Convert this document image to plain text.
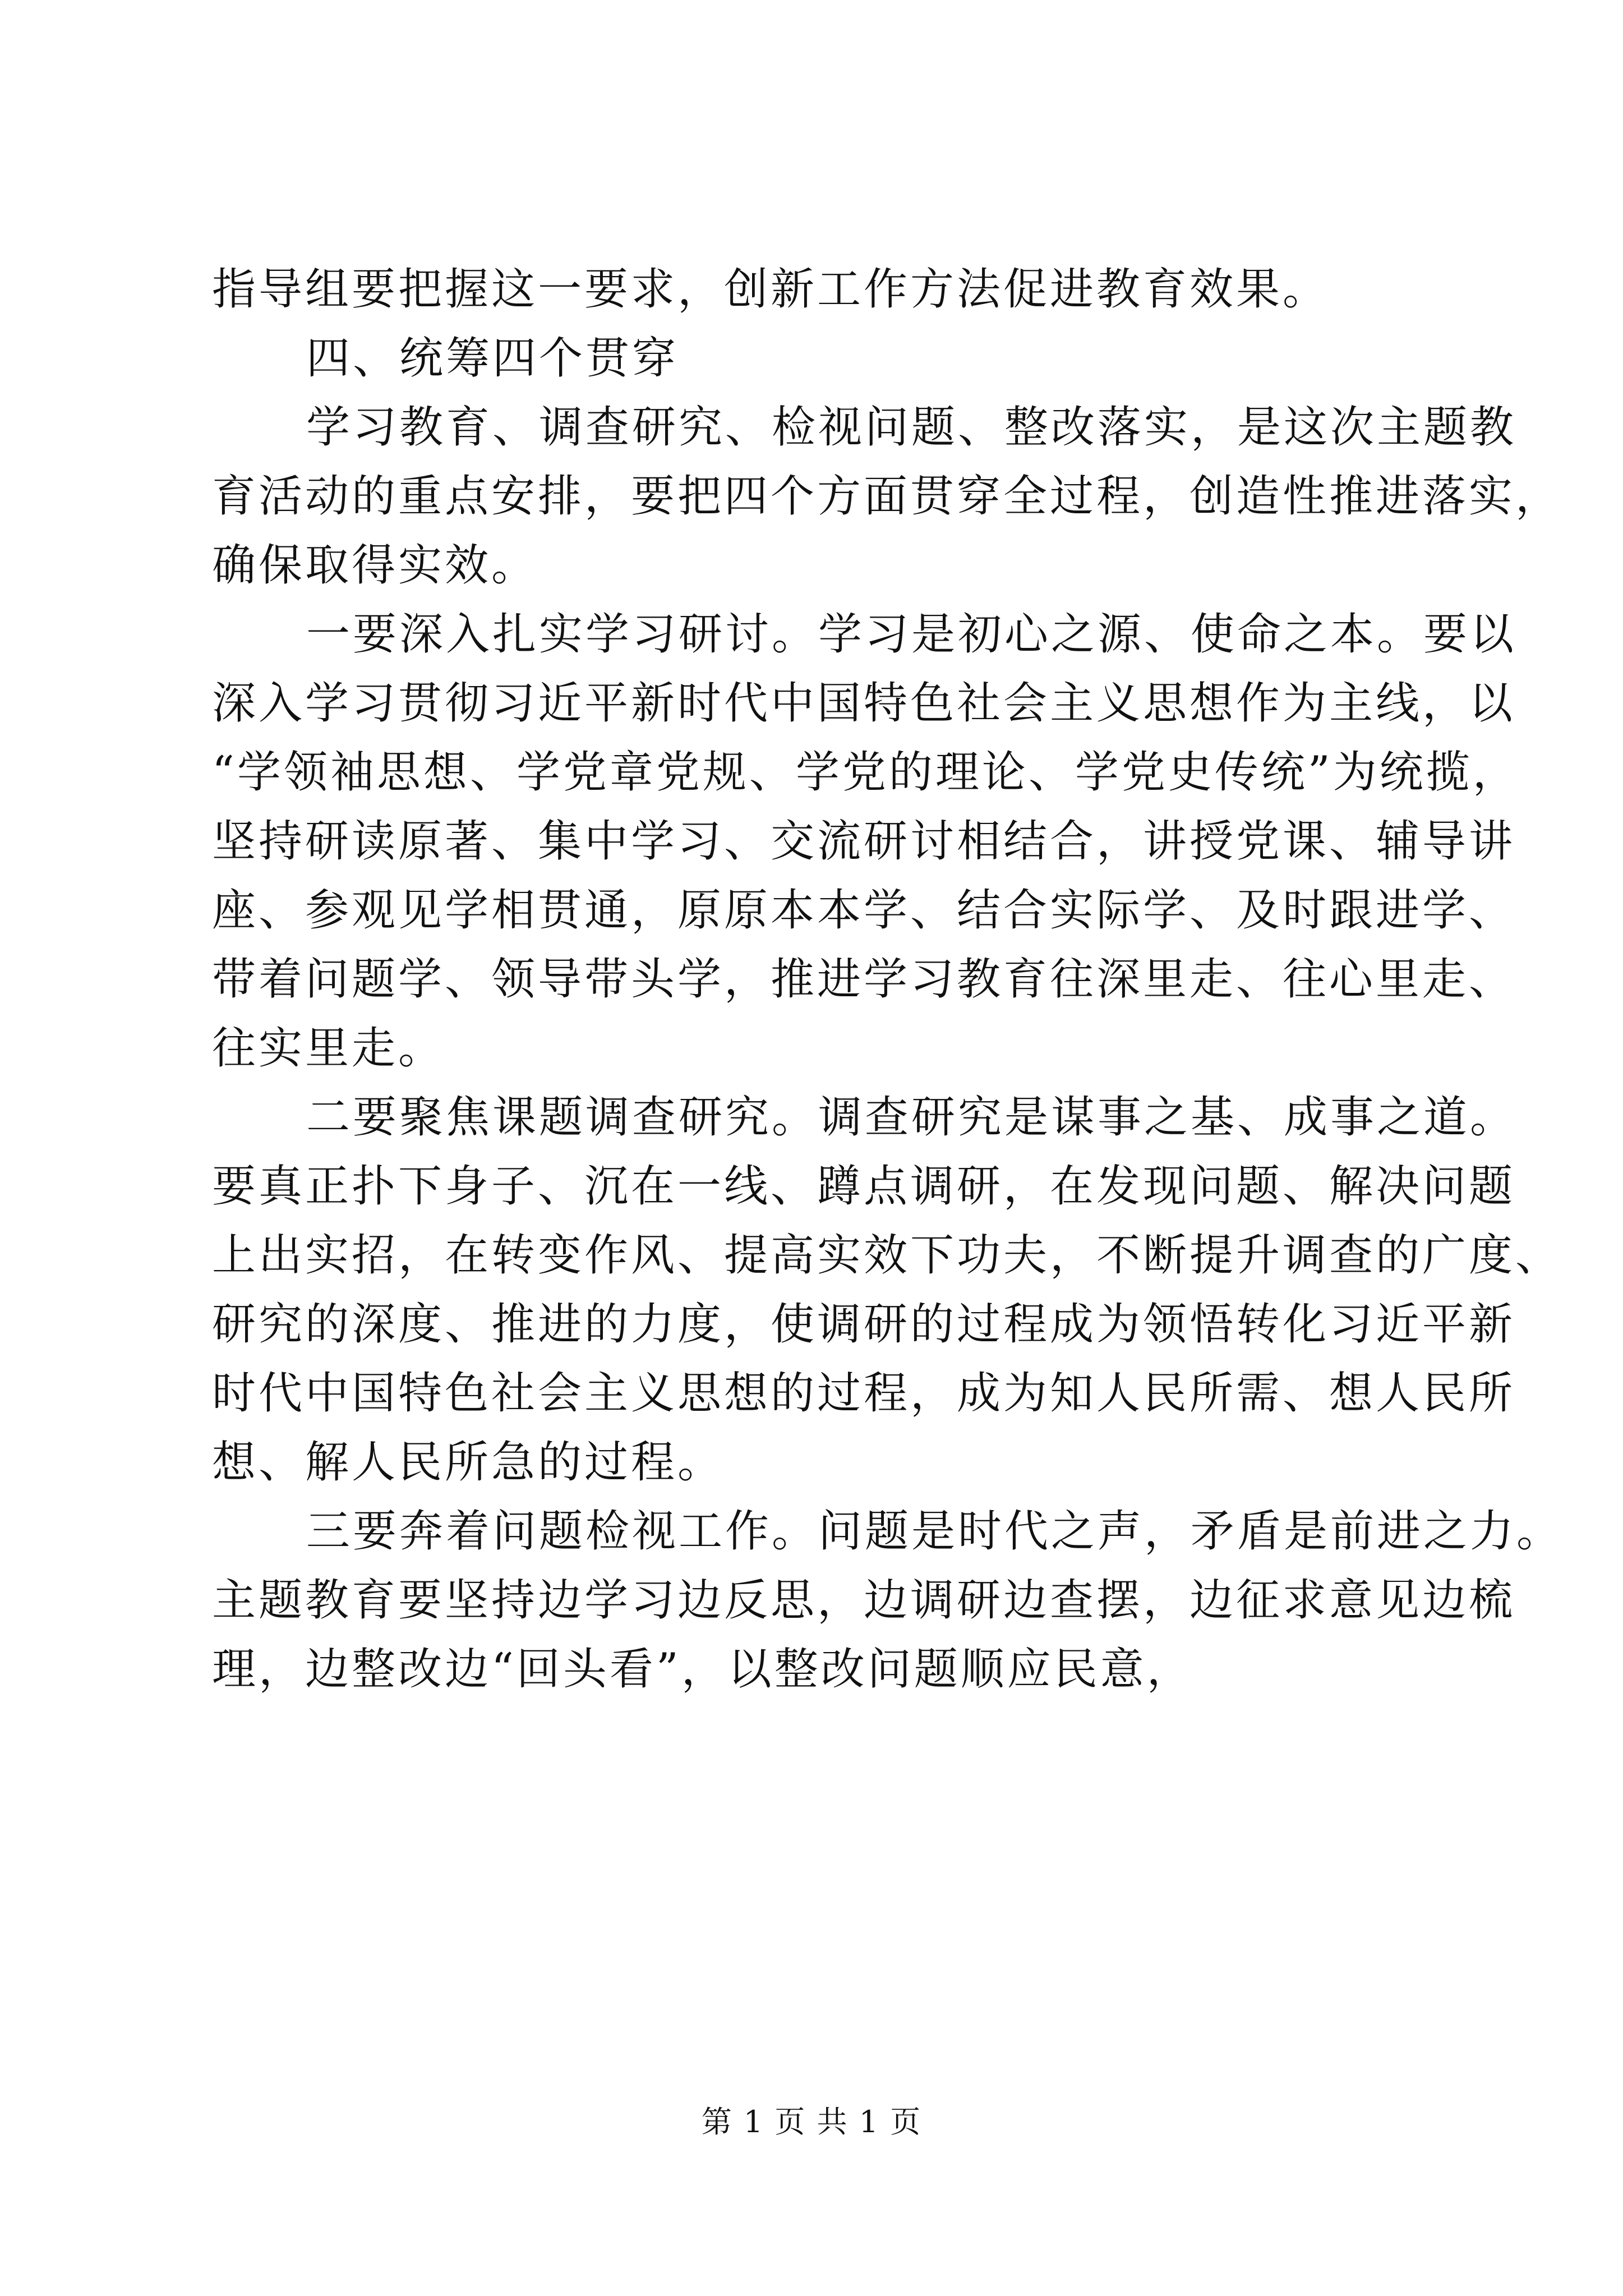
指导组要把握这一要求，创新工作方法促进教育效果。
四、统筹四个贯穿
学习教育、调查研究、检视问题、整改落实，是这次主题教
育活动的重点安排，要把四个方面贯穿全过程，创造性推进落实，
确保取得实效。
一要深入扎实学习研讨。学习是初心之源、使命之本。要以
深入学习贯彻习近平新时代中国特色社会主义思想作为主线，以
“学领袖思想、学党章党规、学党的理论、学党史传统”为统揽，
坚持研读原著、集中学习、交流研讨相结合，讲授党课、辅导讲
座、参观见学相贯通，原原本本学、结合实际学、及时跟进学、
带着问题学、领导带头学，推进学习教育往深里走、往心里走、
往实里走。
二要聚焦课题调查研究。调查研究是谋事之基、成事之道。
要真正扑下身子、沉在一线、蹲点调研，在发现问题、解决问题
上出实招，在转变作风、提高实效下功夫，不断提升调查的广度、
研究的深度、推进的力度，使调研的过程成为领悟转化习近平新
时代中国特色社会主义思想的过程，成为知人民所需、想人民所
想、解人民所急的过程。
三要奔着问题检视工作。问题是时代之声，矛盾是前进之力。
主题教育要坚持边学习边反思，边调研边查摆，边征求意见边梳
理，边整改边“回头看”，以整改问题顺应民意，
第 1 页 共 1 页
